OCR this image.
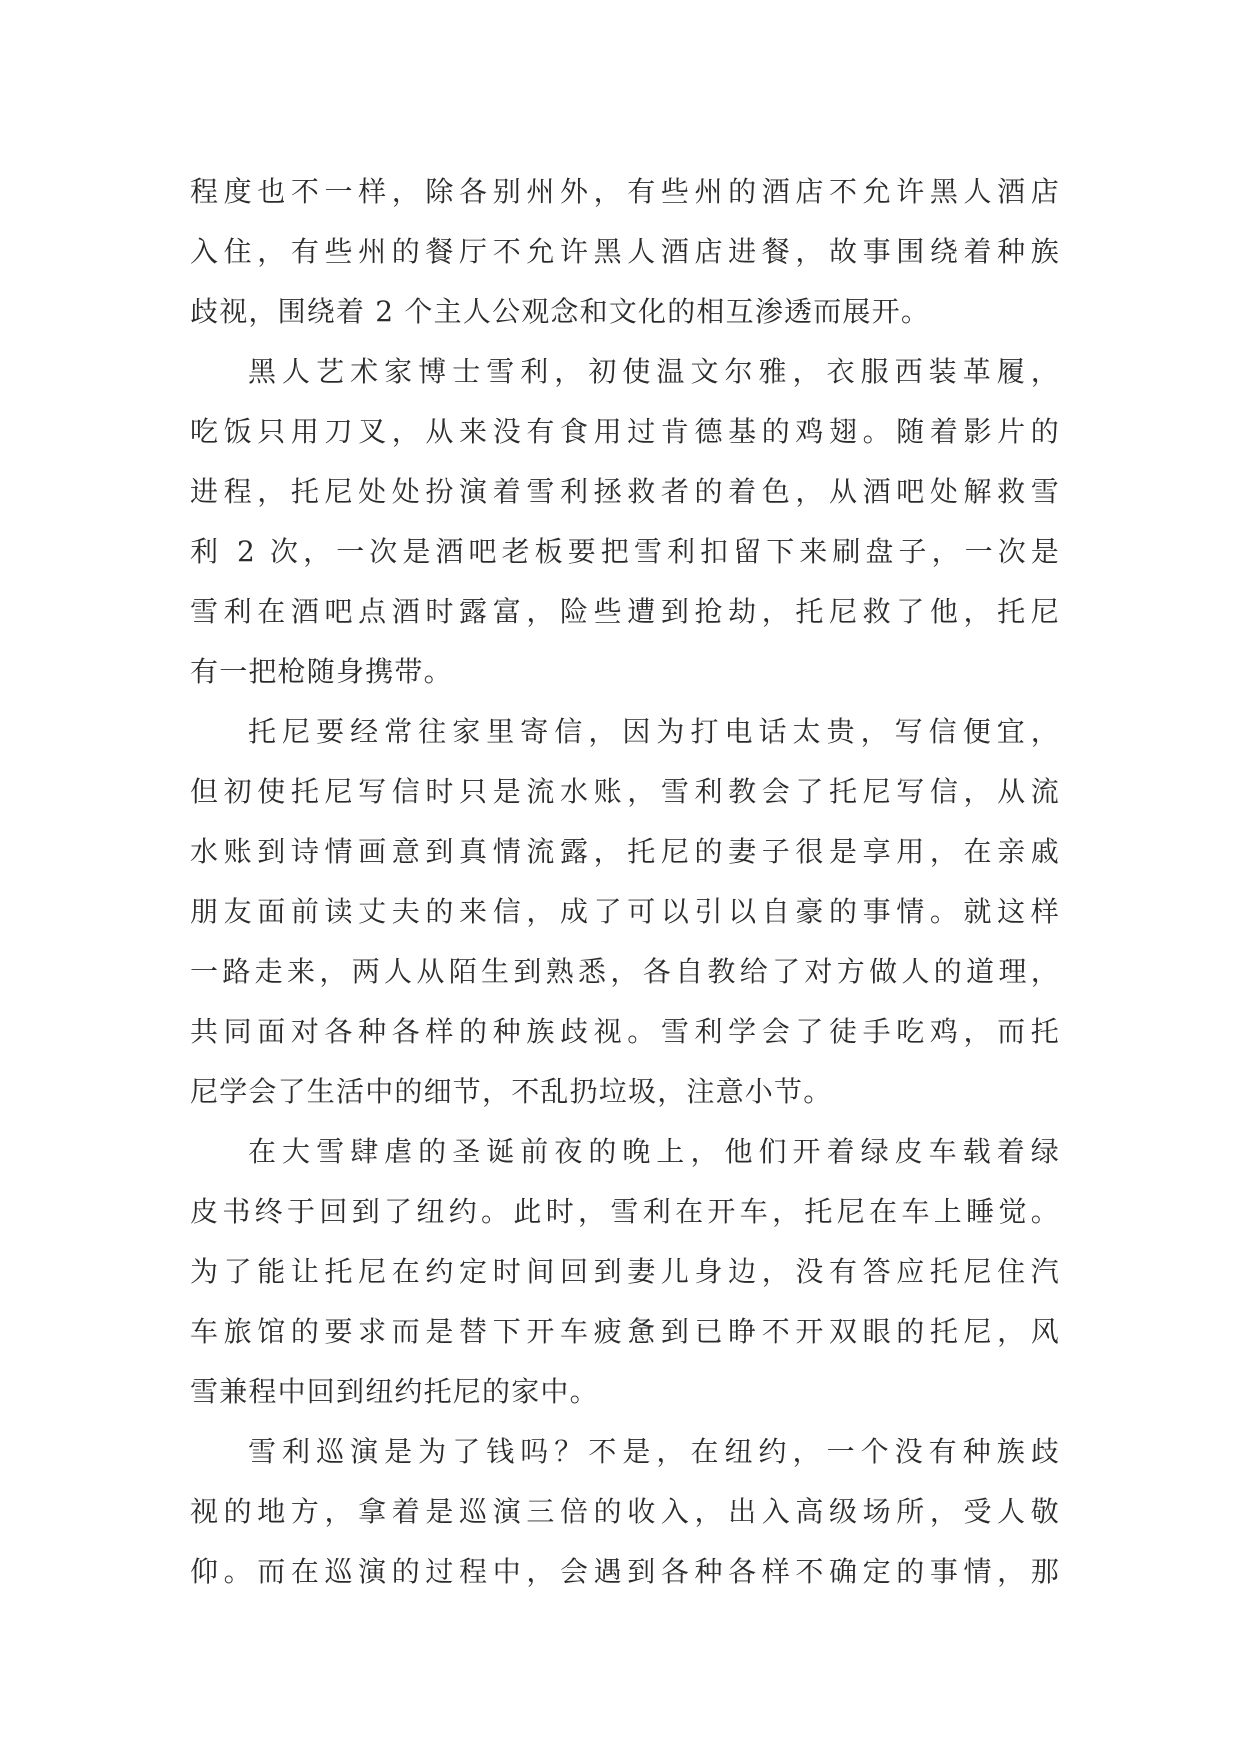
程度也不一样，除各别州外，有些州的酒店不允许黑人酒店
入住，有些州的餐厅不允许黑人酒店进餐，故事围绕着种族
歧视，围绕着 2 个主人公观念和文化的相互渗透而展开。
黑人艺术家博士雪利，初使温文尔雅，衣服西装革履，
吃饭只用刀叉，从来没有食用过肯德基的鸡翅。随着影片的
进程，托尼处处扮演着雪利拯救者的着色，从酒吧处解救雪
利 2 次，一次是酒吧老板要把雪利扣留下来刷盘子，一次是
雪利在酒吧点酒时露富，险些遭到抢劫，托尼救了他，托尼
有一把枪随身携带。
托尼要经常往家里寄信，因为打电话太贵，写信便宜，
但初使托尼写信时只是流水账，雪利教会了托尼写信，从流
水账到诗情画意到真情流露，托尼的妻子很是享用，在亲戚
朋友面前读丈夫的来信，成了可以引以自豪的事情。就这样
一路走来，两人从陌生到熟悉，各自教给了对方做人的道理，
共同面对各种各样的种族歧视。雪利学会了徒手吃鸡，而托
尼学会了生活中的细节，不乱扔垃圾，注意小节。
在大雪肆虐的圣诞前夜的晚上，他们开着绿皮车载着绿
皮书终于回到了纽约。此时，雪利在开车，托尼在车上睡觉。
为了能让托尼在约定时间回到妻儿身边，没有答应托尼住汽
车旅馆的要求而是替下开车疲惫到已睁不开双眼的托尼，风
雪兼程中回到纽约托尼的家中。
雪利巡演是为了钱吗？不是，在纽约，一个没有种族歧
视的地方，拿着是巡演三倍的收入，出入高级场所，受人敬
仰。而在巡演的过程中，会遇到各种各样不确定的事情，那
